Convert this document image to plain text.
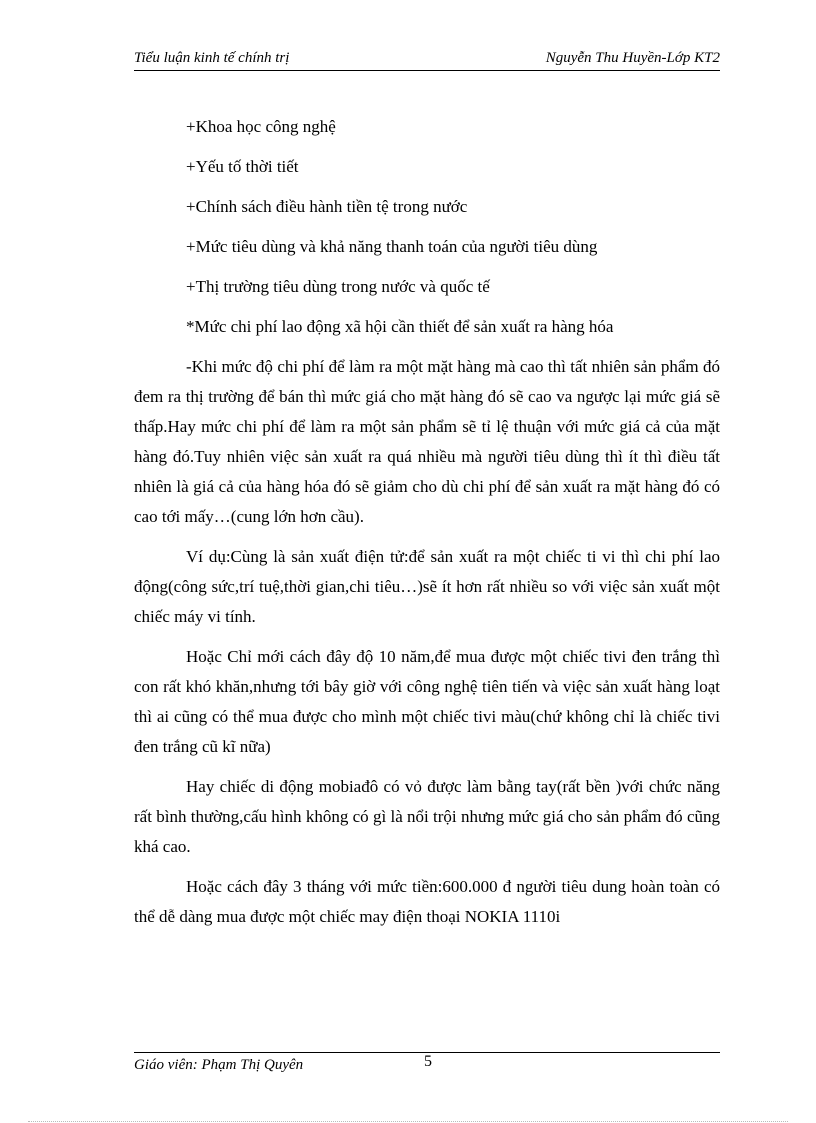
Tiểu luận kinh tế chính trị	Nguyễn Thu Huyền-Lớp KT2

+Khoa học công nghệ

+Yếu tố thời tiết

+Chính sách điều hành tiền tệ trong nước

+Mức tiêu dùng và khả năng thanh toán của người tiêu dùng

+Thị trường tiêu dùng trong nước và quốc tế

*Mức chi phí lao động xã hội cần thiết để sản xuất ra hàng hóa

-Khi mức độ chi phí để làm ra một mặt hàng mà cao thì tất nhiên sản phẩm đó đem ra thị trường để bán thì mức giá cho mặt hàng đó sẽ cao va ngược lại mức giá sẽ thấp.Hay mức chi phí để làm ra một sản phẩm sẽ tỉ lệ thuận với mức giá cả của mặt hàng đó.Tuy nhiên việc sản xuất ra quá nhiều mà người tiêu dùng thì ít thì điều tất nhiên là giá cả của hàng hóa đó sẽ giảm cho dù chi phí để sản xuất ra mặt hàng đó có cao tới mấy…(cung lớn hơn cầu).

Ví dụ:Cùng là sản xuất điện tử:để sản xuất ra một chiếc ti vi thì chi phí lao động(công sức,trí tuệ,thời gian,chi tiêu…)sẽ ít hơn rất nhiều so với việc sản xuất một chiếc máy vi tính.

Hoặc Chỉ mới cách đây độ 10 năm,để mua được một chiếc tivi đen trắng thì con rất khó khăn,nhưng tới bây giờ với công nghệ tiên tiến và việc sản xuất hàng loạt thì ai cũng có thể mua được cho mình một chiếc tivi màu(chứ không chỉ là chiếc tivi đen trắng cũ kĩ nữa)

Hay chiếc di động mobiađô có vỏ được làm bằng tay(rất bền )với chức năng rất bình thường,cấu hình không có gì là nổi trội nhưng mức giá cho sản phẩm đó cũng khá cao.

Hoặc cách đây 3 tháng với mức tiền:600.000 đ người tiêu dung hoàn toàn có thể dễ dàng mua được một chiếc may điện thoại NOKIA 1110i

Giáo viên: Phạm Thị Quyên	5
